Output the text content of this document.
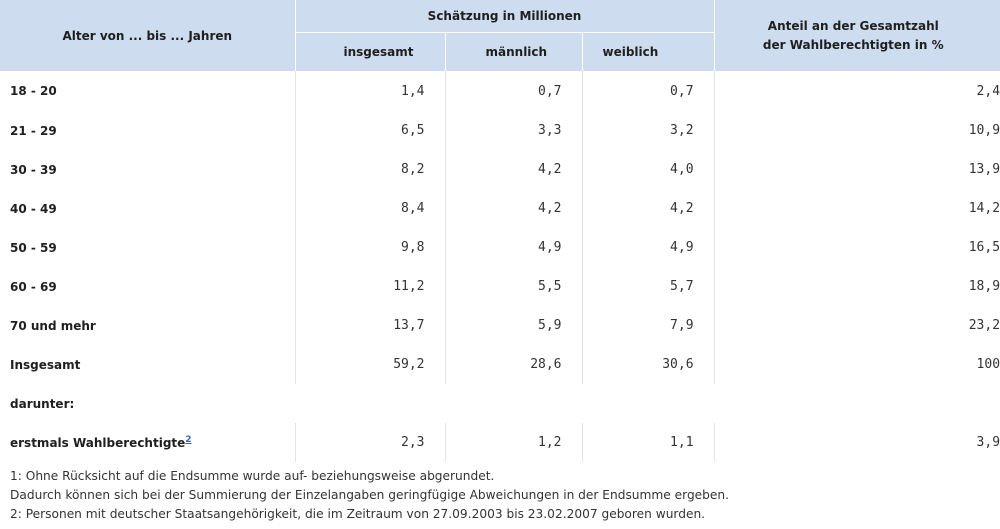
Alter von ... bis ... Jahren	Schätzung in Millionen			Anteil an der Gesamtzahl
der Wahlberechtigten in %

	insgesamt	männlich	weiblich	
18 - 20	1,4	0,7	0,7	2,4
21 - 29	6,5	3,3	3,2	10,9
30 - 39	8,2	4,2	4,0	13,9
40 - 49	8,4	4,2	4,2	14,2
50 - 59	9,8	4,9	4,9	16,5
60 - 69	11,2	5,5	5,7	18,9
70 und mehr	13,7	5,9	7,9	23,2
Insgesamt	59,2	28,6	30,6	100
darunter:				
erstmals Wahlberechtigte$^2$	2,3	1,2	1,1	3,9
1: Ohne Rücksicht auf die Endsumme wurde auf- beziehungsweise abgerundet.
Dadurch können sich bei der Summierung der Einzelangaben geringfügige Abweichungen in der Endsumme ergeben.
2: Personen mit deutscher Staatsangehörigkeit, die im Zeitraum von 27.09.2003 bis 23.02.2007 geboren wurden.
